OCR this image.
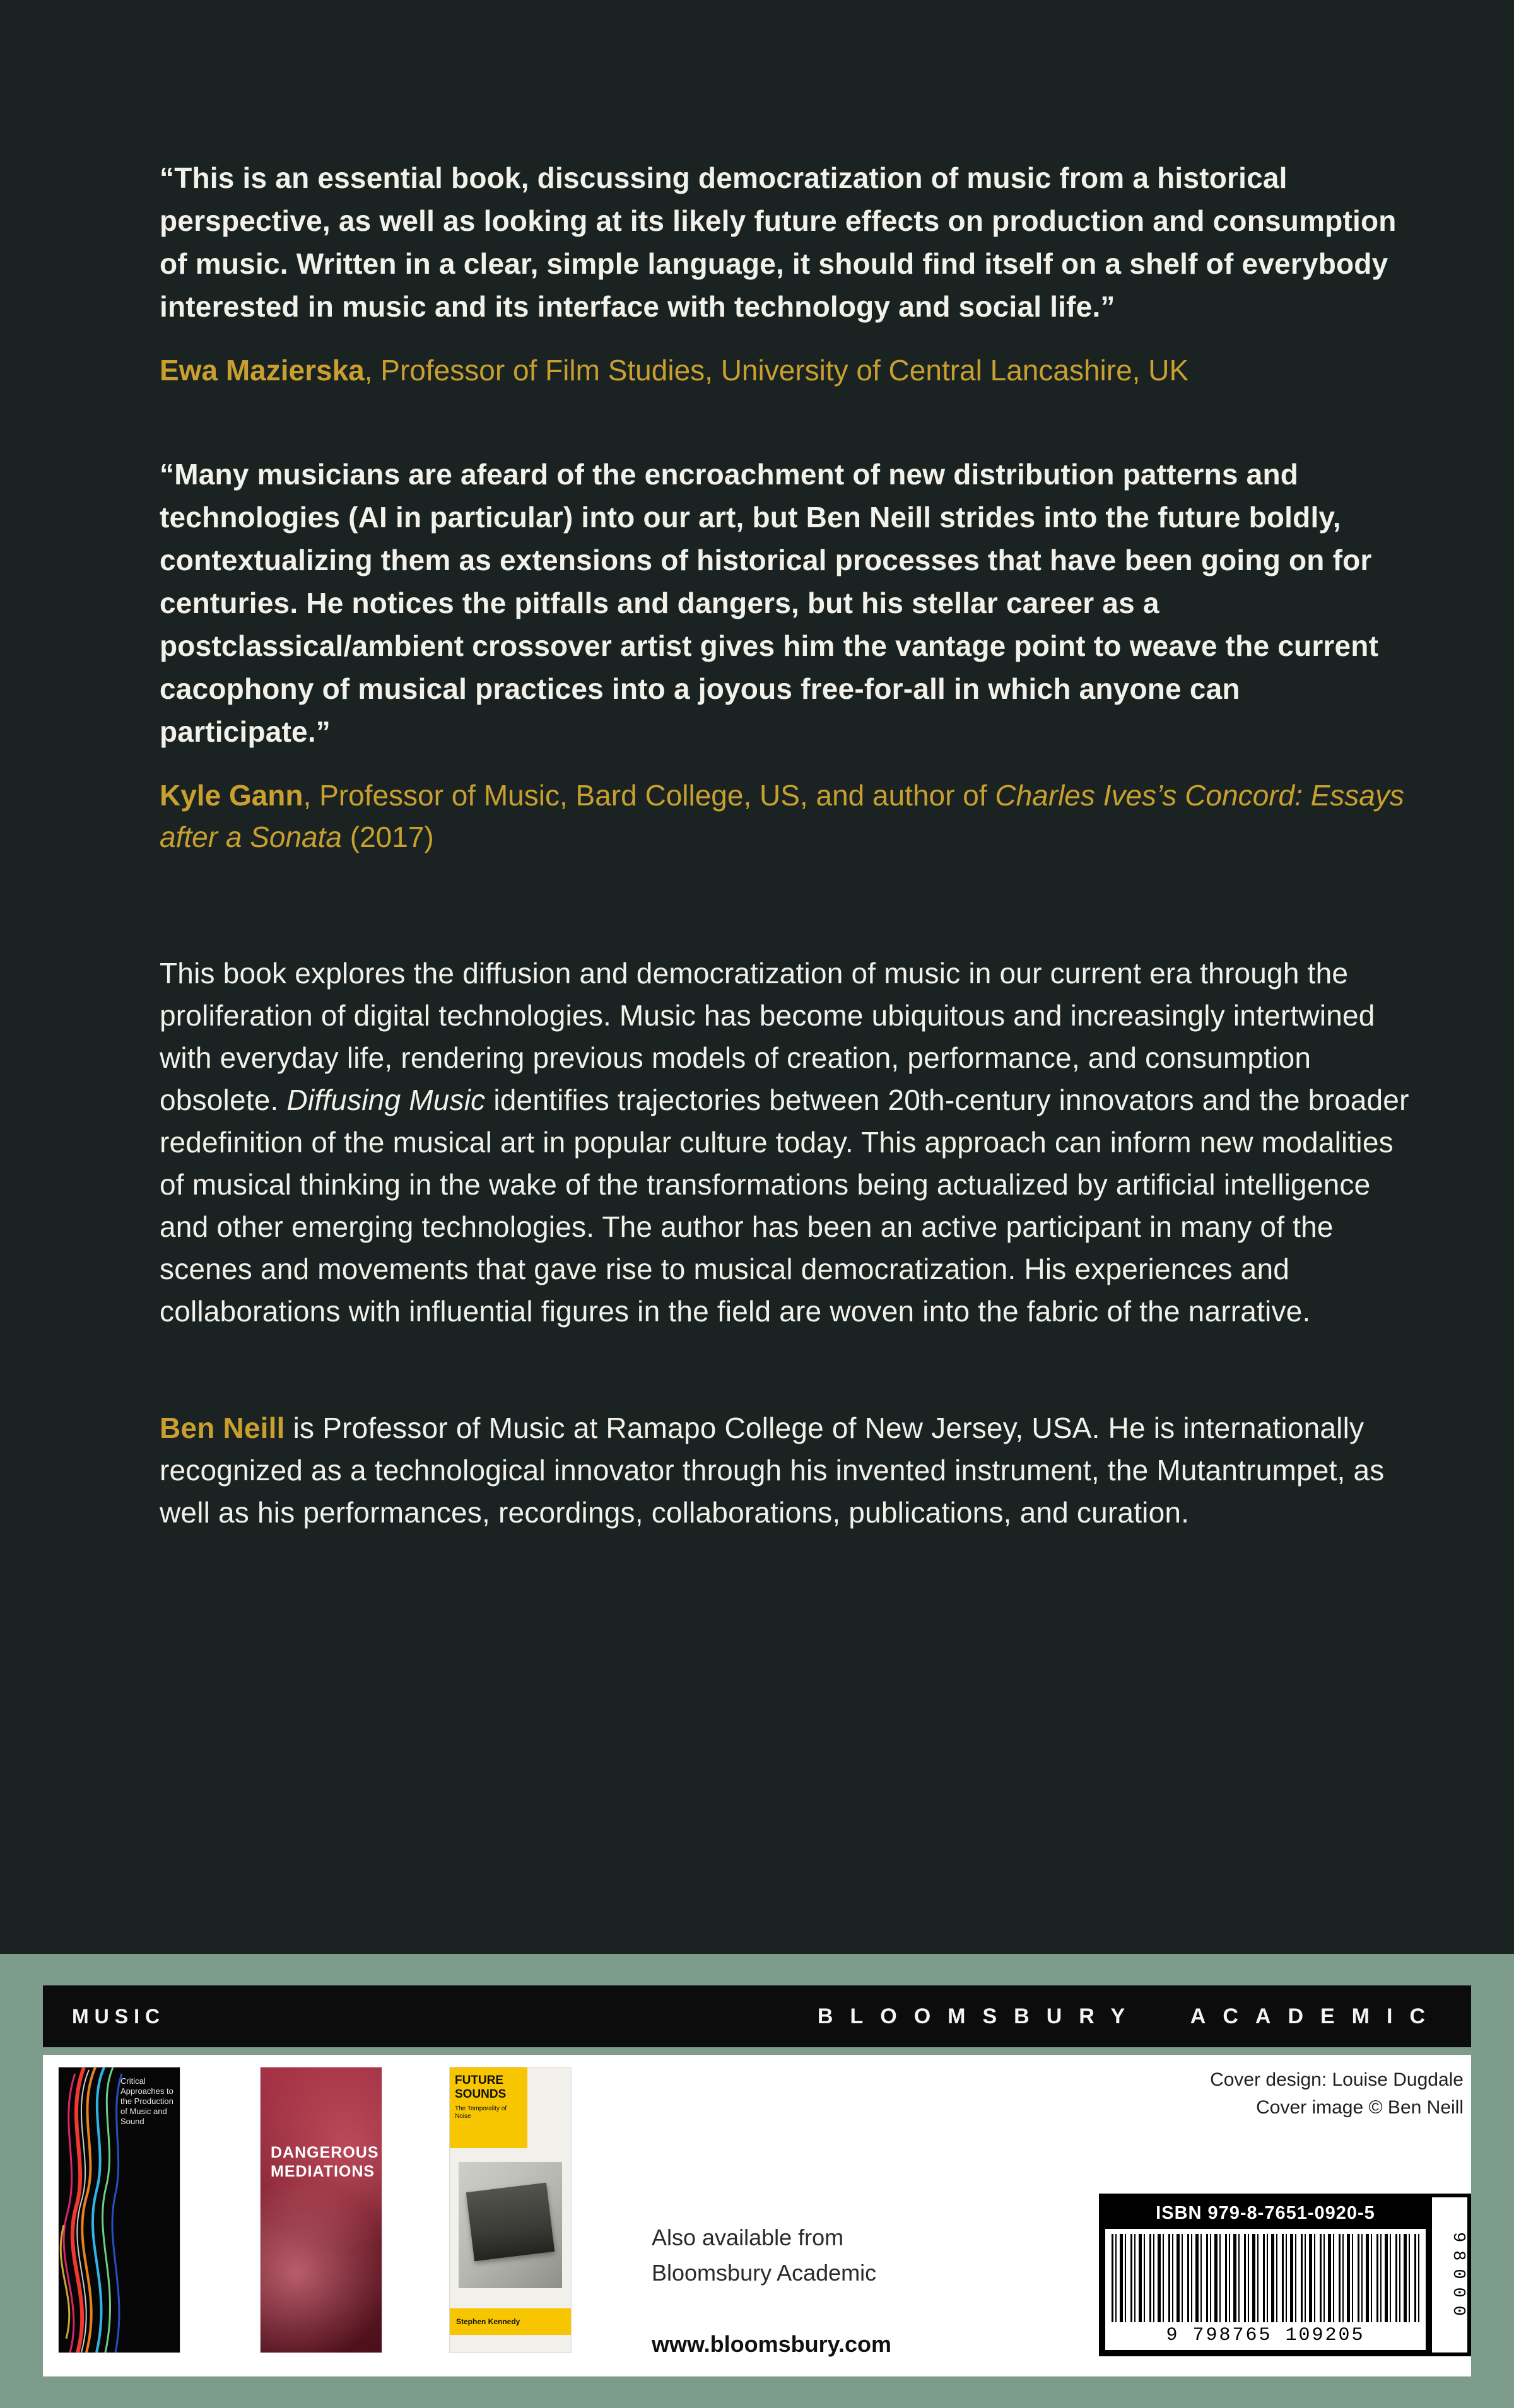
“This is an essential book, discussing democratization of music from a historical perspective, as well as looking at its likely future effects on production and consumption of music. Written in a clear, simple language, it should find itself on a shelf of everybody interested in music and its interface with technology and social life.”

Ewa Mazierska, Professor of Film Studies, University of Central Lancashire, UK

“Many musicians are afeard of the encroachment of new distribution patterns and technologies (AI in particular) into our art, but Ben Neill strides into the future boldly, contextualizing them as extensions of historical processes that have been going on for centuries. He notices the pitfalls and dangers, but his stellar career as a postclassical/ambient crossover artist gives him the vantage point to weave the current cacophony of musical practices into a joyous free-for-all in which anyone can participate.”

Kyle Gann, Professor of Music, Bard College, US, and author of Charles Ives’s Concord: Essays after a Sonata (2017)

This book explores the diffusion and democratization of music in our current era through the proliferation of digital technologies. Music has become ubiquitous and increasingly intertwined with everyday life, rendering previous models of creation, performance, and consumption obsolete. Diffusing Music identifies trajectories between 20th-century innovators and the broader redefinition of the musical art in popular culture today. This approach can inform new modalities of musical thinking in the wake of the transformations being actualized by artificial intelligence and other emerging technologies. The author has been an active participant in many of the scenes and movements that gave rise to musical democratization. His experiences and collaborations with influential figures in the field are woven into the fabric of the narrative.

Ben Neill is Professor of Music at Ramapo College of New Jersey, USA. He is internationally recognized as a technological innovator through his invented instrument, the Mutantrumpet, as well as his performances, recordings, collaborations, publications, and curation.

MUSIC	BLOOMSBURY ACADEMIC
Critical Approaches to the Production of Music and Sound
DANGEROUS MEDIATIONS
FUTURE SOUNDS
The Temporality of Noise
Stephen Kennedy
Also available from
Bloomsbury Academic
www.bloomsbury.com
Cover design: Louise Dugdale
Cover image © Ben Neill
ISBN 979-8-7651-0920-5
9 798765 109205
98000
